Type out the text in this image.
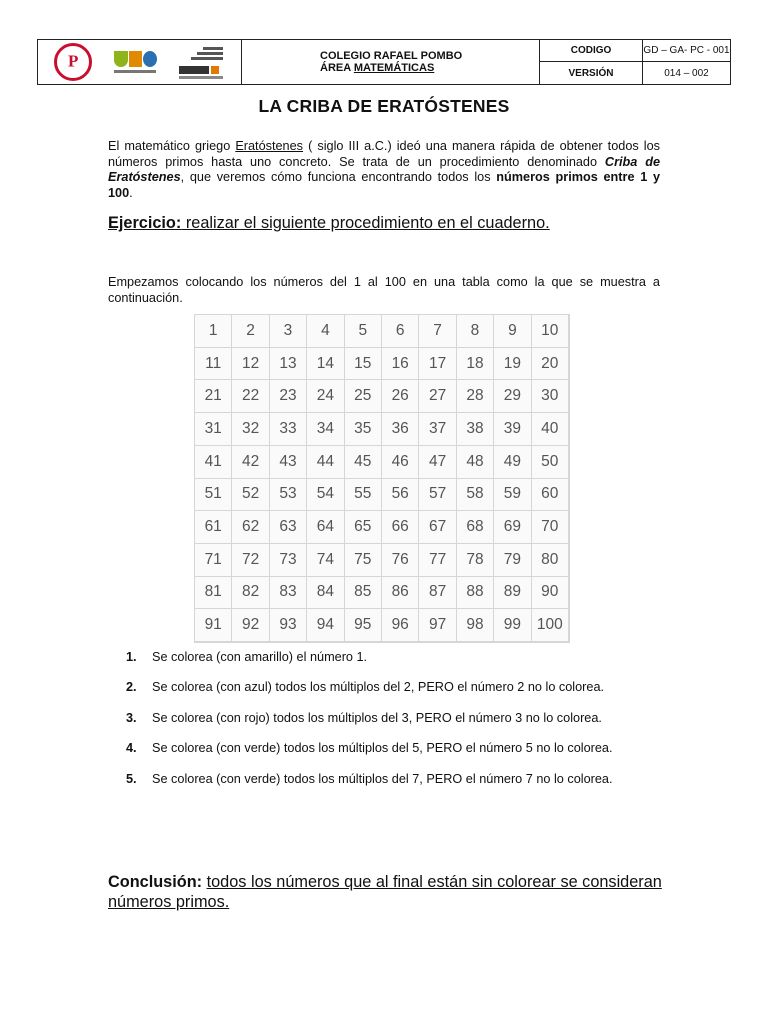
P
COLEGIO RAFAEL POMBO
ÁREA MATEMÁTICAS
CODIGO	GD – GA- PC - 001
VERSIÓN	014 – 002
LA CRIBA DE ERATÓSTENES
El matemático griego Eratóstenes ( siglo III a.C.) ideó una manera rápida de obtener todos los números primos hasta uno concreto. Se trata de un procedimiento denominado Criba de Eratóstenes, que veremos cómo funciona encontrando todos los números primos entre 1 y 100.
Ejercicio: realizar el siguiente procedimiento en el cuaderno.
Empezamos colocando los números del 1 al 100 en una tabla como la que se muestra a continuación.
1	2	3	4	5	6	7	8	9	10
11	12	13	14	15	16	17	18	19	20
21	22	23	24	25	26	27	28	29	30
31	32	33	34	35	36	37	38	39	40
41	42	43	44	45	46	47	48	49	50
51	52	53	54	55	56	57	58	59	60
61	62	63	64	65	66	67	68	69	70
71	72	73	74	75	76	77	78	79	80
81	82	83	84	85	86	87	88	89	90
91	92	93	94	95	96	97	98	99	100
1.	Se colorea (con amarillo) el número 1.
2.	Se colorea (con azul) todos los múltiplos del 2, PERO el número 2 no lo colorea.
3.	Se colorea (con rojo) todos los múltiplos del 3, PERO el número 3 no lo colorea.
4.	Se colorea (con verde) todos los múltiplos del 5, PERO el número 5 no lo colorea.
5.	Se colorea (con verde) todos los múltiplos del 7, PERO el número 7 no lo colorea.
Conclusión: todos los números que al final están sin colorear se consideran números primos.
